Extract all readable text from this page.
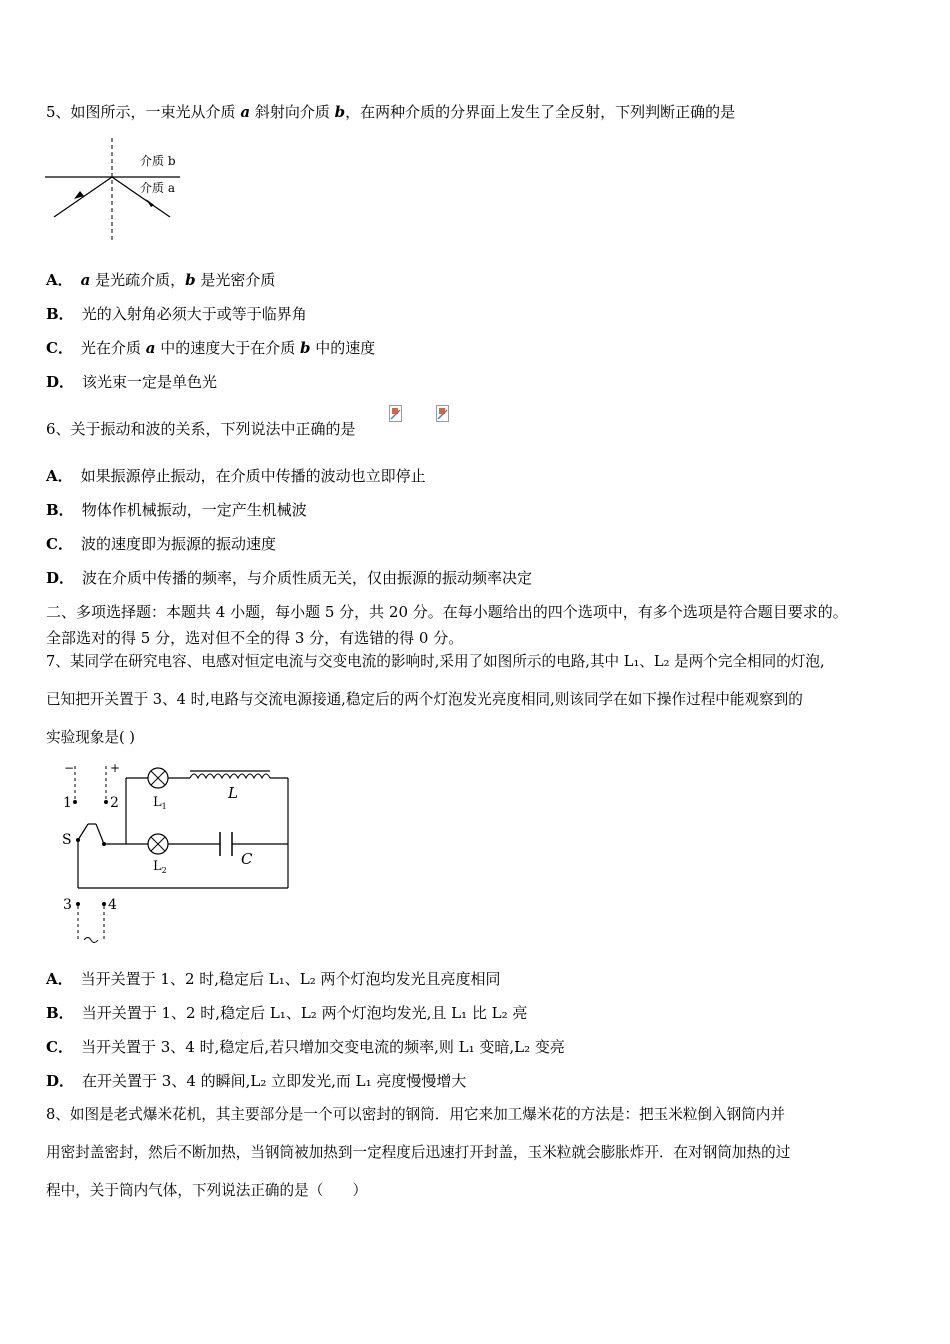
5、如图所示，一束光从介质 a 斜射向介质 b，在两种介质的分界面上发生了全反射，下列判断正确的是
介质 b
介质 a
A． a 是光疏介质，b 是光密介质
B． 光的入射角必须大于或等于临界角
C． 光在介质 a 中的速度大于在介质 b 中的速度
D． 该光束一定是单色光
6、关于振动和波的关系，下列说法中正确的是
A． 如果振源停止振动，在介质中传播的波动也立即停止
B． 物体作机械振动，一定产生机械波
C． 波的速度即为振源的振动速度
D． 波在介质中传播的频率，与介质性质无关，仅由振源的振动频率决定
二、多项选择题：本题共 4 小题，每小题 5 分，共 20 分。在每小题给出的四个选项中，有多个选项是符合题目要求的。
全部选对的得 5 分，选对但不全的得 3 分，有选错的得 0 分。
7、某同学在研究电容、电感对恒定电流与交变电流的影响时,采用了如图所示的电路,其中 L₁、L₂ 是两个完全相同的灯泡,
已知把开关置于 3、4 时,电路与交流电源接通,稳定后的两个灯泡发光亮度相同,则该同学在如下操作过程中能观察到的
实验现象是( )
−	+
1	2
S
$L_1$
L
$L_2$
C
3	4
A． 当开关置于 1、2 时,稳定后 L₁、L₂ 两个灯泡均发光且亮度相同
B． 当开关置于 1、2 时,稳定后 L₁、L₂ 两个灯泡均发光,且 L₁ 比 L₂ 亮
C． 当开关置于 3、4 时,稳定后,若只增加交变电流的频率,则 L₁ 变暗,L₂ 变亮
D． 在开关置于 3、4 的瞬间,L₂ 立即发光,而 L₁ 亮度慢慢增大
8、如图是老式爆米花机，其主要部分是一个可以密封的钢筒．用它来加工爆米花的方法是：把玉米粒倒入钢筒内并
用密封盖密封，然后不断加热，当钢筒被加热到一定程度后迅速打开封盖，玉米粒就会膨胀炸开．在对钢筒加热的过
程中，关于筒内气体，下列说法正确的是（　　）
